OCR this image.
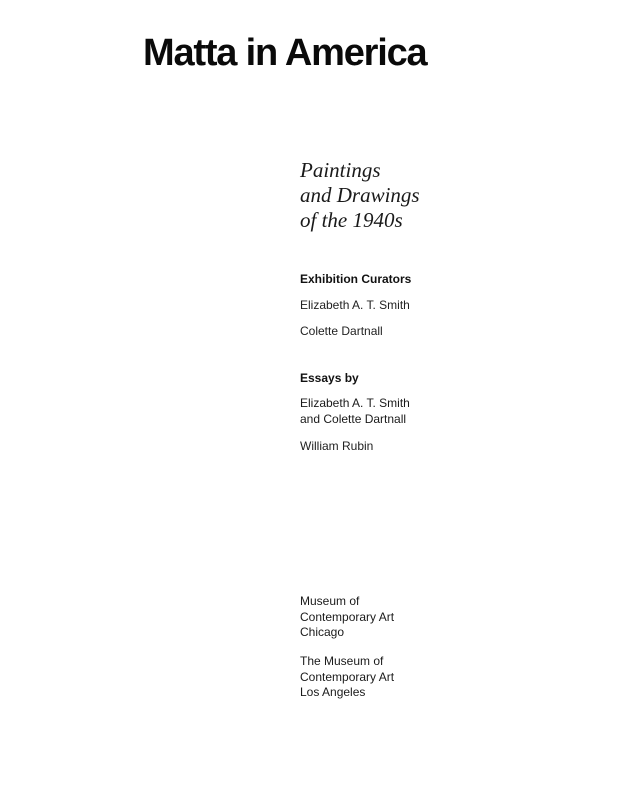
Matta in America
Paintings
and Drawings
of the 1940s

Exhibition Curators

Elizabeth A. T. Smith

Colette Dartnall

Essays by

Elizabeth A. T. Smith
and Colette Dartnall

William Rubin

Museum of
Contemporary Art
Chicago

The Museum of
Contemporary Art
Los Angeles
